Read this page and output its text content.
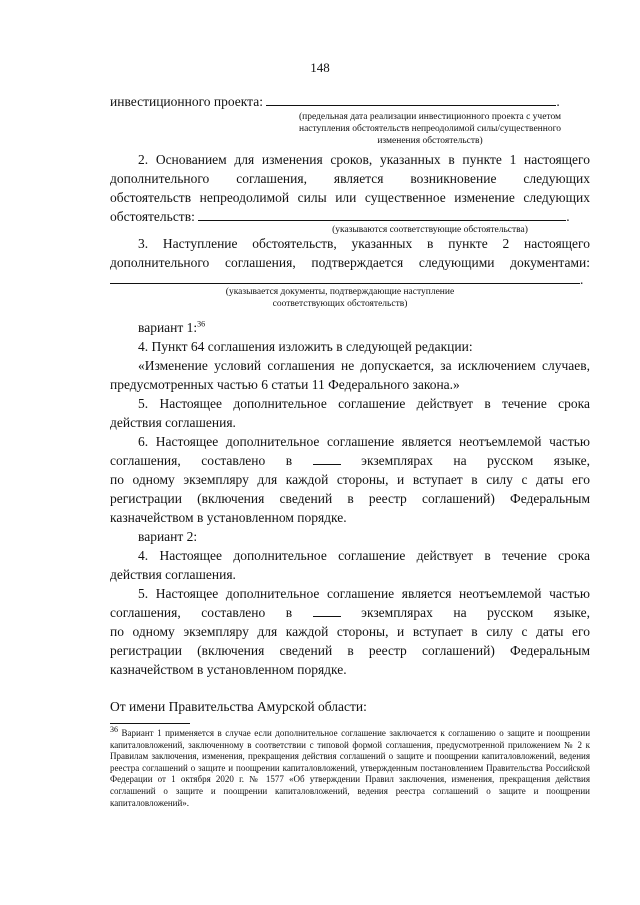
148
инвестиционного проекта:	.
(предельная дата реализации инвестиционного проекта с учетом
наступления обстоятельств непреодолимой силы/существенного
изменения обстоятельств)
2. Основанием для изменения сроков, указанных в пункте 1 настоящего
дополнительного соглашения, является возникновение следующих
обстоятельств непреодолимой силы или существенное изменение следующих
обстоятельств:	.
(указываются соответствующие обстоятельства)
3. Наступление обстоятельств, указанных в пункте 2 настоящего
дополнительного соглашения, подтверждается следующими документами:
.
(указывается документы, подтверждающие наступление
соответствующих обстоятельств)
вариант 1:$^{36}$
4. Пункт 64 соглашения изложить в следующей редакции:
«Изменение условий соглашения не допускается, за исключением случаев,
предусмотренных частью 6 статьи 11 Федерального закона.»
5. Настоящее дополнительное соглашение действует в течение срока
действия соглашения.
6. Настоящее дополнительное соглашение является неотъемлемой частью
соглашения, составлено в	экземплярах на русском языке,
по одному экземпляру для каждой стороны, и вступает в силу с даты его
регистрации (включения сведений в реестр соглашений) Федеральным
казначейством в установленном порядке.
вариант 2:
4. Настоящее дополнительное соглашение действует в течение срока
действия соглашения.
5. Настоящее дополнительное соглашение является неотъемлемой частью
соглашения, составлено в	экземплярах на русском языке,
по одному экземпляру для каждой стороны, и вступает в силу с даты его
регистрации (включения сведений в реестр соглашений) Федеральным
казначейством в установленном порядке.
От имени Правительства Амурской области:
36 Вариант 1 применяется в случае если дополнительное соглашение заключается к соглашению о защите и поощрении капиталовложений, заключенному в соответствии с типовой формой соглашения, предусмотренной приложением № 2 к Правилам заключения, изменения, прекращения действия соглашений о защите и поощрении капиталовложений, ведения реестра соглашений о защите и поощрении капиталовложений, утвержденным постановлением Правительства Российской Федерации от 1 октября 2020 г. № 1577 «Об утверждении Правил заключения, изменения, прекращения действия соглашений о защите и поощрении капиталовложений, ведения реестра соглашений о защите и поощрении капиталовложений».
